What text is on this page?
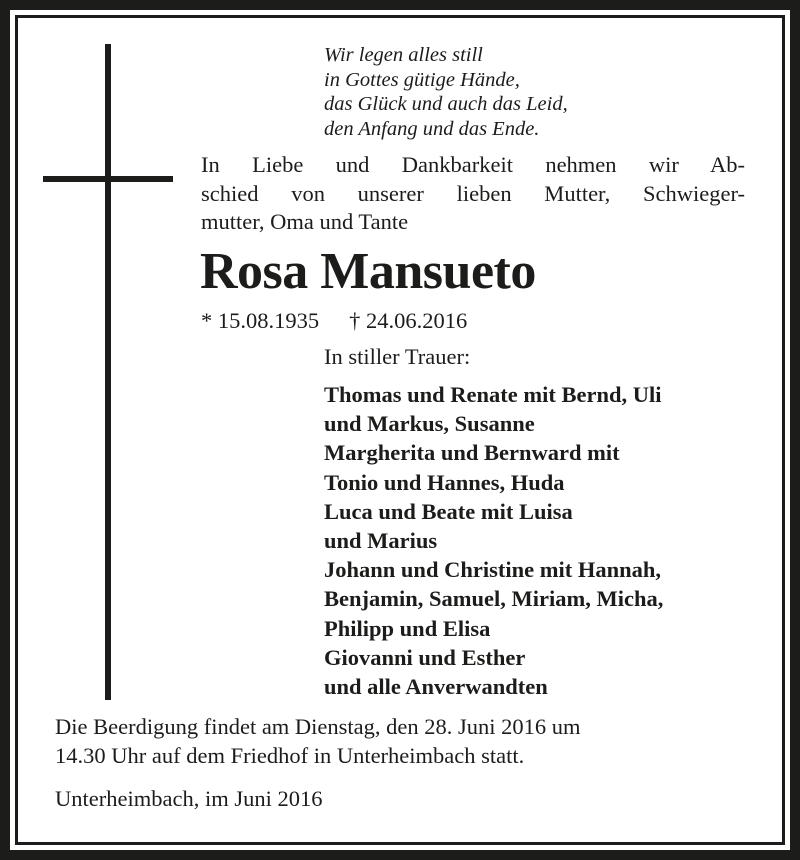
Wir legen alles still
in Gottes gütige Hände,
das Glück und auch das Leid,
den Anfang und das Ende.
In Liebe und Dankbarkeit nehmen wir Ab-
schied von unserer lieben Mutter, Schwieger-
mutter, Oma und Tante
Rosa Mansueto
* 15.08.1935 † 24.06.2016
In stiller Trauer:
Thomas und Renate mit Bernd, Uli
und Markus, Susanne
Margherita und Bernward mit
Tonio und Hannes, Huda
Luca und Beate mit Luisa
und Marius
Johann und Christine mit Hannah,
Benjamin, Samuel, Miriam, Micha,
Philipp und Elisa
Giovanni und Esther
und alle Anverwandten
Die Beerdigung findet am Dienstag, den 28. Juni 2016 um
14.30 Uhr auf dem Friedhof in Unterheimbach statt.
Unterheimbach, im Juni 2016
